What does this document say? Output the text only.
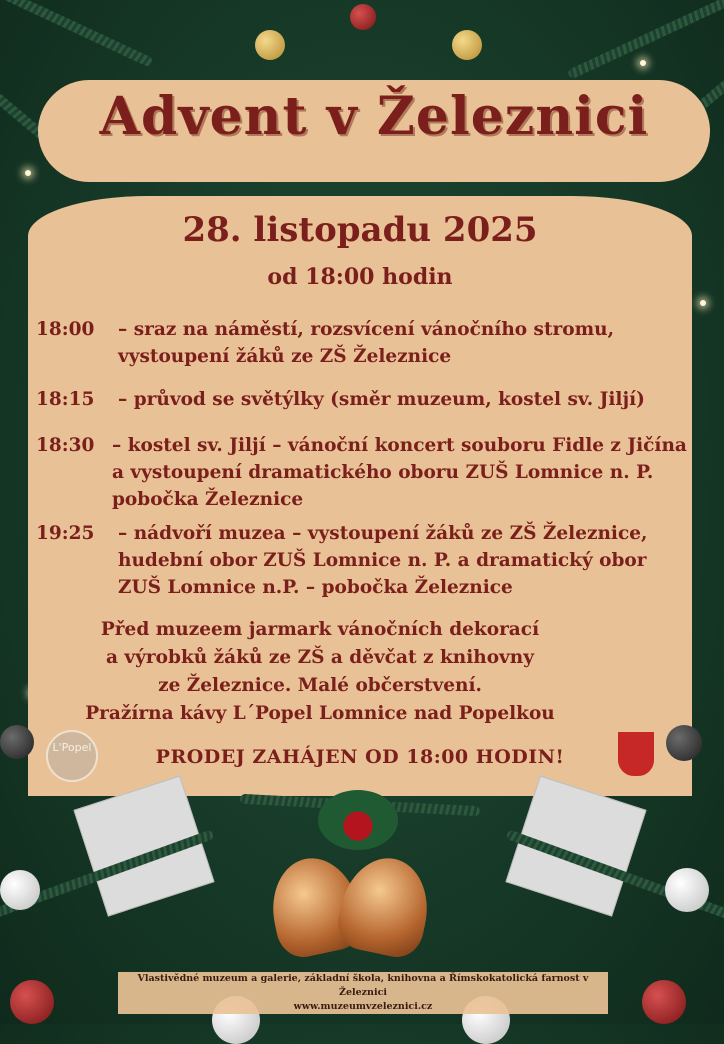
Advent v Železnici
28. listopadu 2025
od 18:00 hodin
18:00 – sraz na náměstí, rozsvícení vánočního stromu,
vystoupení žáků ze ZŠ Železnice
18:15 – průvod se světýlky (směr muzeum, kostel sv. Jiljí)
18:30 – kostel sv. Jiljí – vánoční koncert souboru Fidle z Jičína
a vystoupení dramatického oboru ZUŠ Lomnice n. P.
pobočka Železnice
19:25 – nádvoří muzea – vystoupení žáků ze ZŠ Železnice,
hudební obor ZUŠ Lomnice n. P. a dramatický obor
ZUŠ Lomnice n.P. – pobočka Železnice
Před muzeem jarmark vánočních dekorací
a výrobků žáků ze ZŠ a děvčat z knihovny
ze Železnice. Malé občerstvení.
Pražírna kávy L´Popel Lomnice nad Popelkou
L'Popel	PRODEJ ZAHÁJEN OD 18:00 HODIN!
Vlastivědné muzeum a galerie, základní škola, knihovna a Římskokatolická farnost v Železnici
www.muzeumvzeleznici.cz
